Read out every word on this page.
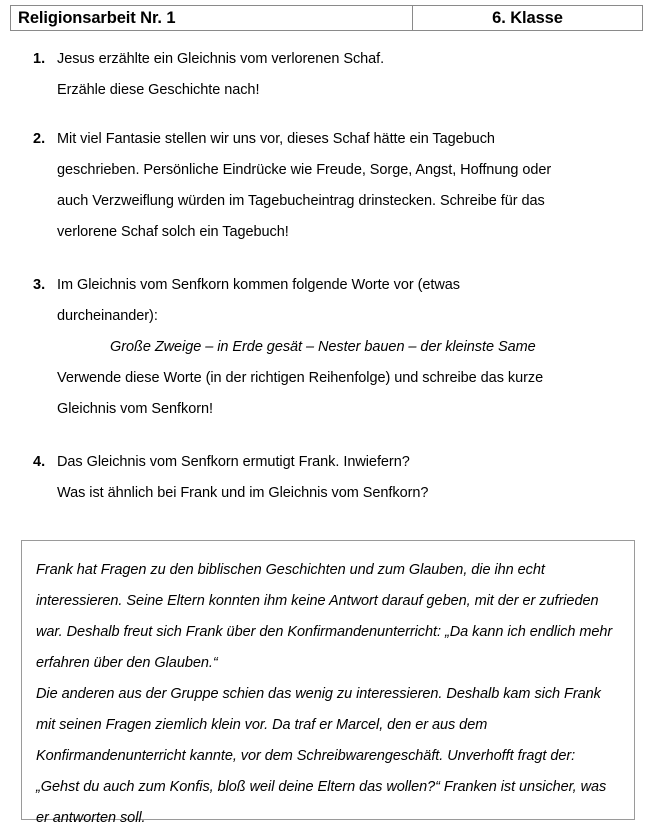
Religionsarbeit Nr. 1	6. Klasse
1. Jesus erzählte ein Gleichnis vom verlorenen Schaf.
Erzähle diese Geschichte nach!
2. Mit viel Fantasie stellen wir uns vor, dieses Schaf hätte ein Tagebuch
geschrieben. Persönliche Eindrücke wie Freude, Sorge, Angst, Hoffnung oder
auch Verzweiflung würden im Tagebucheintrag drinstecken. Schreibe für das
verlorene Schaf solch ein Tagebuch!
3. Im Gleichnis vom Senfkorn kommen folgende Worte vor (etwas
durcheinander):
Große Zweige – in Erde gesät – Nester bauen – der kleinste Same
Verwende diese Worte (in der richtigen Reihenfolge) und schreibe das kurze
Gleichnis vom Senfkorn!
4. Das Gleichnis vom Senfkorn ermutigt Frank. Inwiefern?
Was ist ähnlich bei Frank und im Gleichnis vom Senfkorn?

Frank hat Fragen zu den biblischen Geschichten und zum Glauben, die ihn echt interessieren. Seine Eltern konnten ihm keine Antwort darauf geben, mit der er zufrieden war. Deshalb freut sich Frank über den Konfirmandenunterricht: „Da kann ich endlich mehr erfahren über den Glauben.“

Die anderen aus der Gruppe schien das wenig zu interessieren. Deshalb kam sich Frank mit seinen Fragen ziemlich klein vor. Da traf er Marcel, den er aus dem Konfirmandenunterricht kannte, vor dem Schreibwarengeschäft. Unverhofft fragt der: „Gehst du auch zum Konfis, bloß weil deine Eltern das wollen?“ Franken ist unsicher, was er antworten soll.
